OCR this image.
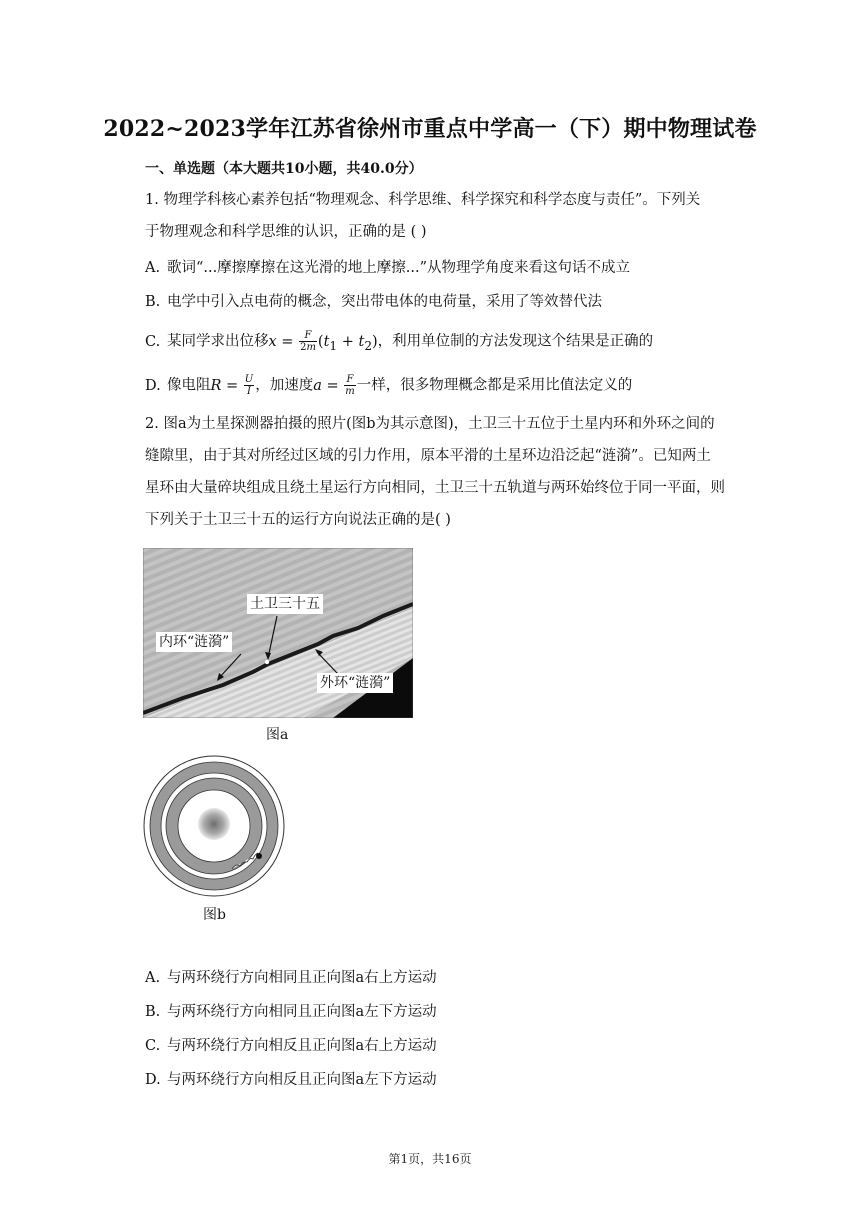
2022~2023学年江苏省徐州市重点中学高一（下）期中物理试卷
一、单选题（本大题共10小题，共40.0分）
1. 物理学科核心素养包括“物理观念、科学思维、科学探究和科学态度与责任”。下列关
于物理观念和科学思维的认识，正确的是 ( )
A. 歌词“...摩擦摩擦在这光滑的地上摩擦...”从物理学角度来看这句话不成立
B. 电学中引入点电荷的概念，突出带电体的电荷量，采用了等效替代法
C. 某同学求出位移$x = \frac{F}{2m} (t_1 + t_2)$，利用单位制的方法发现这个结果是正确的
D. 像电阻$R = \frac{U}{I}$ ，加速度$a = \frac{F}{m}$ 一样，很多物理概念都是采用比值法定义的
2. 图a为土星探测器拍摄的照片(图b为其示意图)，土卫三十五位于土星内环和外环之间的
缝隙里，由于其对所经过区域的引力作用，原本平滑的土星环边沿泛起“涟漪”。已知两土
星环由大量碎块组成且绕土星运行方向相同，土卫三十五轨道与两环始终位于同一平面，则
下列关于土卫三十五的运行方向说法正确的是( )
土卫三十五
内环“涟漪”
外环“涟漪”
图a
图b
A. 与两环绕行方向相同且正向图a右上方运动
B. 与两环绕行方向相同且正向图a左下方运动
C. 与两环绕行方向相反且正向图a右上方运动
D. 与两环绕行方向相反且正向图a左下方运动
第1页，共16页
